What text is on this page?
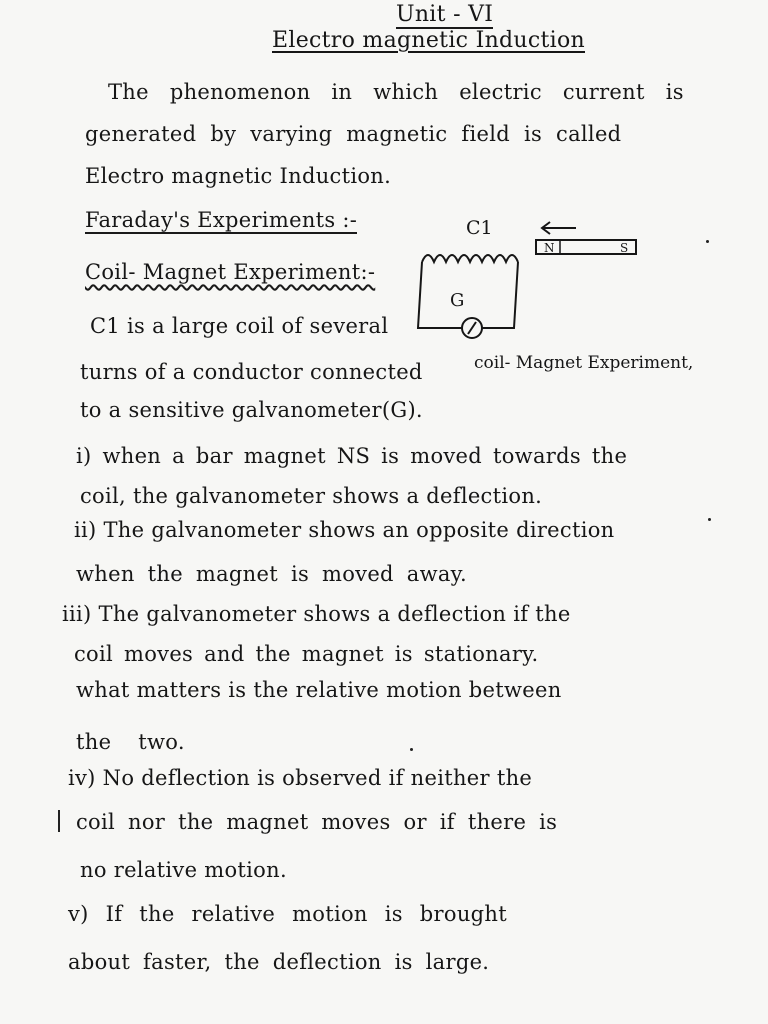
Unit - VI
Electro magnetic Induction
The phenomenon in which electric current is
generated by varying magnetic field is called
Electro magnetic Induction.
Faraday's Experiments :-
Coil- Magnet Experiment:-
C1 is a large coil of several
turns of a conductor connected
to a sensitive galvanometer(G).
C1
G
N	S
coil- Magnet Experiment,
i) when a bar magnet NS is moved towards the
coil, the galvanometer shows a deflection.
ii) The galvanometer shows an opposite direction
when the magnet is moved away.
iii) The galvanometer shows a deflection if the
coil moves and the magnet is stationary.
what matters is the relative motion between
the two.
iv) No deflection is observed if neither the
coil nor the magnet moves or if there is
no relative motion.
v) If the relative motion is brought
about faster, the deflection is large.
